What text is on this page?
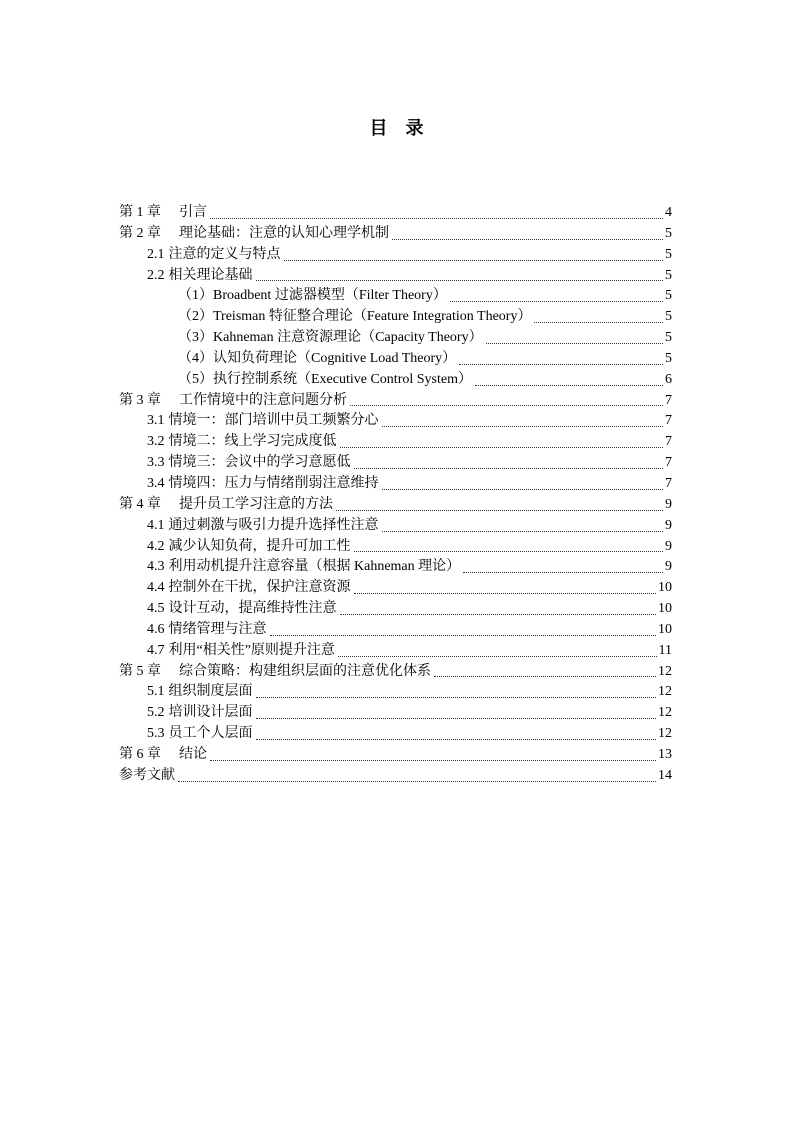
目录
第 1 章 引言	4
第 2 章 理论基础：注意的认知心理学机制	5
2.1 注意的定义与特点	5
2.2 相关理论基础	5
（1）Broadbent 过滤器模型（Filter Theory）	5
（2）Treisman 特征整合理论（Feature Integration Theory）	5
（3）Kahneman 注意资源理论（Capacity Theory）	5
（4）认知负荷理论（Cognitive Load Theory）	5
（5）执行控制系统（Executive Control System）	6
第 3 章 工作情境中的注意问题分析	7
3.1 情境一：部门培训中员工频繁分心	7
3.2 情境二：线上学习完成度低	7
3.3 情境三：会议中的学习意愿低	7
3.4 情境四：压力与情绪削弱注意维持	7
第 4 章 提升员工学习注意的方法	9
4.1 通过刺激与吸引力提升选择性注意	9
4.2 减少认知负荷，提升可加工性	9
4.3 利用动机提升注意容量（根据 Kahneman 理论）	9
4.4 控制外在干扰，保护注意资源	10
4.5 设计互动，提高维持性注意	10
4.6 情绪管理与注意	10
4.7 利用“相关性”原则提升注意	11
第 5 章 综合策略：构建组织层面的注意优化体系	12
5.1 组织制度层面	12
5.2 培训设计层面	12
5.3 员工个人层面	12
第 6 章 结论	13
参考文献	14
